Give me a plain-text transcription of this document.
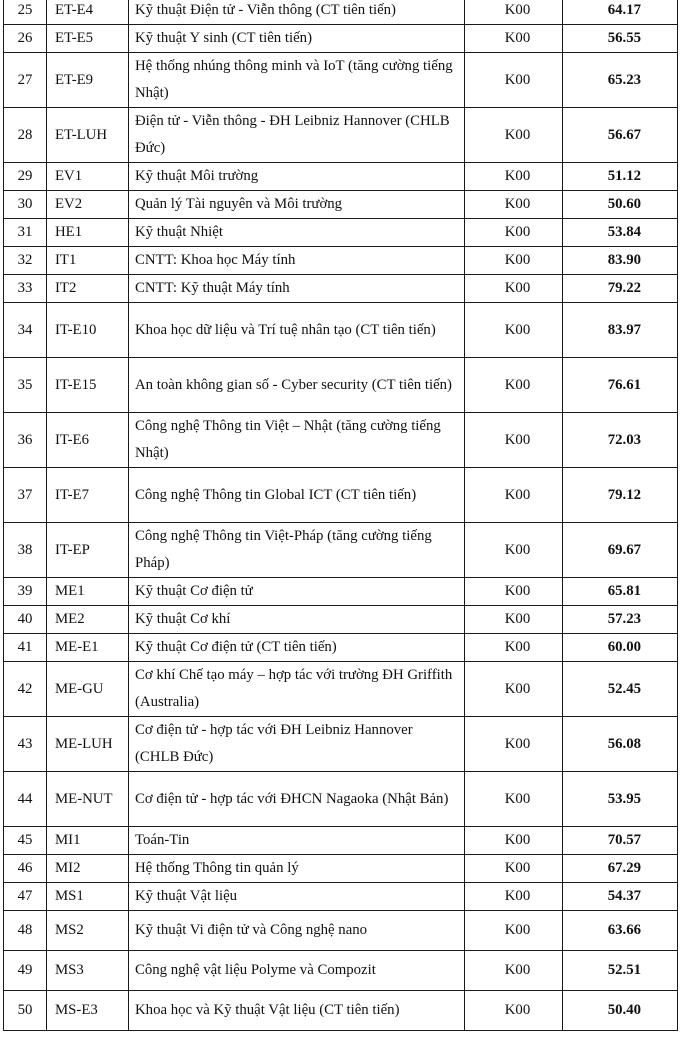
25	ET-E4	Kỹ thuật Điện tử - Viễn thông (CT tiên tiến)	K00	64.17
26	ET-E5	Kỹ thuật Y sinh (CT tiên tiến)	K00	56.55
27	ET-E9	Hệ thống nhúng thông minh và IoT (tăng cường tiếng Nhật)	K00	65.23
28	ET-LUH	Điện tử - Viễn thông - ĐH Leibniz Hannover (CHLB Đức)	K00	56.67
29	EV1	Kỹ thuật Môi trường	K00	51.12
30	EV2	Quản lý Tài nguyên và Môi trường	K00	50.60
31	HE1	Kỹ thuật Nhiệt	K00	53.84
32	IT1	CNTT: Khoa học Máy tính	K00	83.90
33	IT2	CNTT: Kỹ thuật Máy tính	K00	79.22
34	IT-E10	Khoa học dữ liệu và Trí tuệ nhân tạo (CT tiên tiến)	K00	83.97
35	IT-E15	An toàn không gian số - Cyber security (CT tiên tiến)	K00	76.61
36	IT-E6	Công nghệ Thông tin Việt – Nhật (tăng cường tiếng Nhật)	K00	72.03
37	IT-E7	Công nghệ Thông tin Global ICT (CT tiên tiến)	K00	79.12
38	IT-EP	Công nghệ Thông tin Việt-Pháp (tăng cường tiếng Pháp)	K00	69.67
39	ME1	Kỹ thuật Cơ điện tử	K00	65.81
40	ME2	Kỹ thuật Cơ khí	K00	57.23
41	ME-E1	Kỹ thuật Cơ điện tử (CT tiên tiến)	K00	60.00
42	ME-GU	Cơ khí Chế tạo máy – hợp tác với trường ĐH Griffith (Australia)	K00	52.45
43	ME-LUH	Cơ điện tử - hợp tác với ĐH Leibniz Hannover (CHLB Đức)	K00	56.08
44	ME-NUT	Cơ điện tử - hợp tác với ĐHCN Nagaoka (Nhật Bản)	K00	53.95
45	MI1	Toán-Tin	K00	70.57
46	MI2	Hệ thống Thông tin quản lý	K00	67.29
47	MS1	Kỹ thuật Vật liệu	K00	54.37
48	MS2	Kỹ thuật Vi điện tử và Công nghệ nano	K00	63.66
49	MS3	Công nghệ vật liệu Polyme và Compozit	K00	52.51
50	MS-E3	Khoa học và Kỹ thuật Vật liệu (CT tiên tiến)	K00	50.40
